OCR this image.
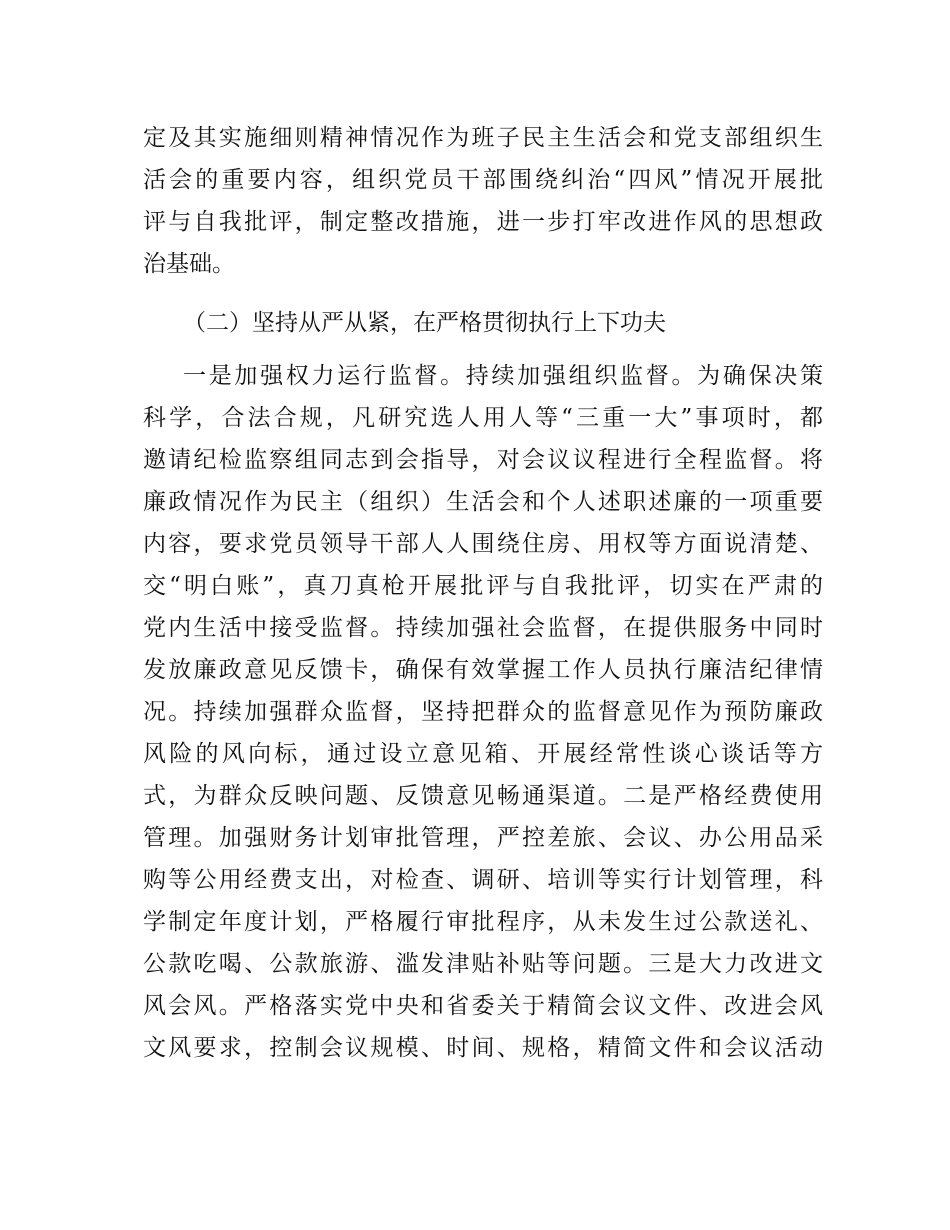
定及其实施细则精神情况作为班子民主生活会和党支部组织生
活会的重要内容，组织党员干部围绕纠治“四风”情况开展批
评与自我批评，制定整改措施，进一步打牢改进作风的思想政
治基础。
（二）坚持从严从紧，在严格贯彻执行上下功夫
一是加强权力运行监督。持续加强组织监督。为确保决策
科学，合法合规，凡研究选人用人等“三重一大”事项时，都
邀请纪检监察组同志到会指导，对会议议程进行全程监督。将
廉政情况作为民主（组织）生活会和个人述职述廉的一项重要
内容，要求党员领导干部人人围绕住房、用权等方面说清楚、
交“明白账”，真刀真枪开展批评与自我批评，切实在严肃的
党内生活中接受监督。持续加强社会监督，在提供服务中同时
发放廉政意见反馈卡，确保有效掌握工作人员执行廉洁纪律情
况。持续加强群众监督，坚持把群众的监督意见作为预防廉政
风险的风向标，通过设立意见箱、开展经常性谈心谈话等方
式，为群众反映问题、反馈意见畅通渠道。二是严格经费使用
管理。加强财务计划审批管理，严控差旅、会议、办公用品采
购等公用经费支出，对检查、调研、培训等实行计划管理，科
学制定年度计划，严格履行审批程序，从未发生过公款送礼、
公款吃喝、公款旅游、滥发津贴补贴等问题。三是大力改进文
风会风。严格落实党中央和省委关于精简会议文件、改进会风
文风要求，控制会议规模、时间、规格，精简文件和会议活动
